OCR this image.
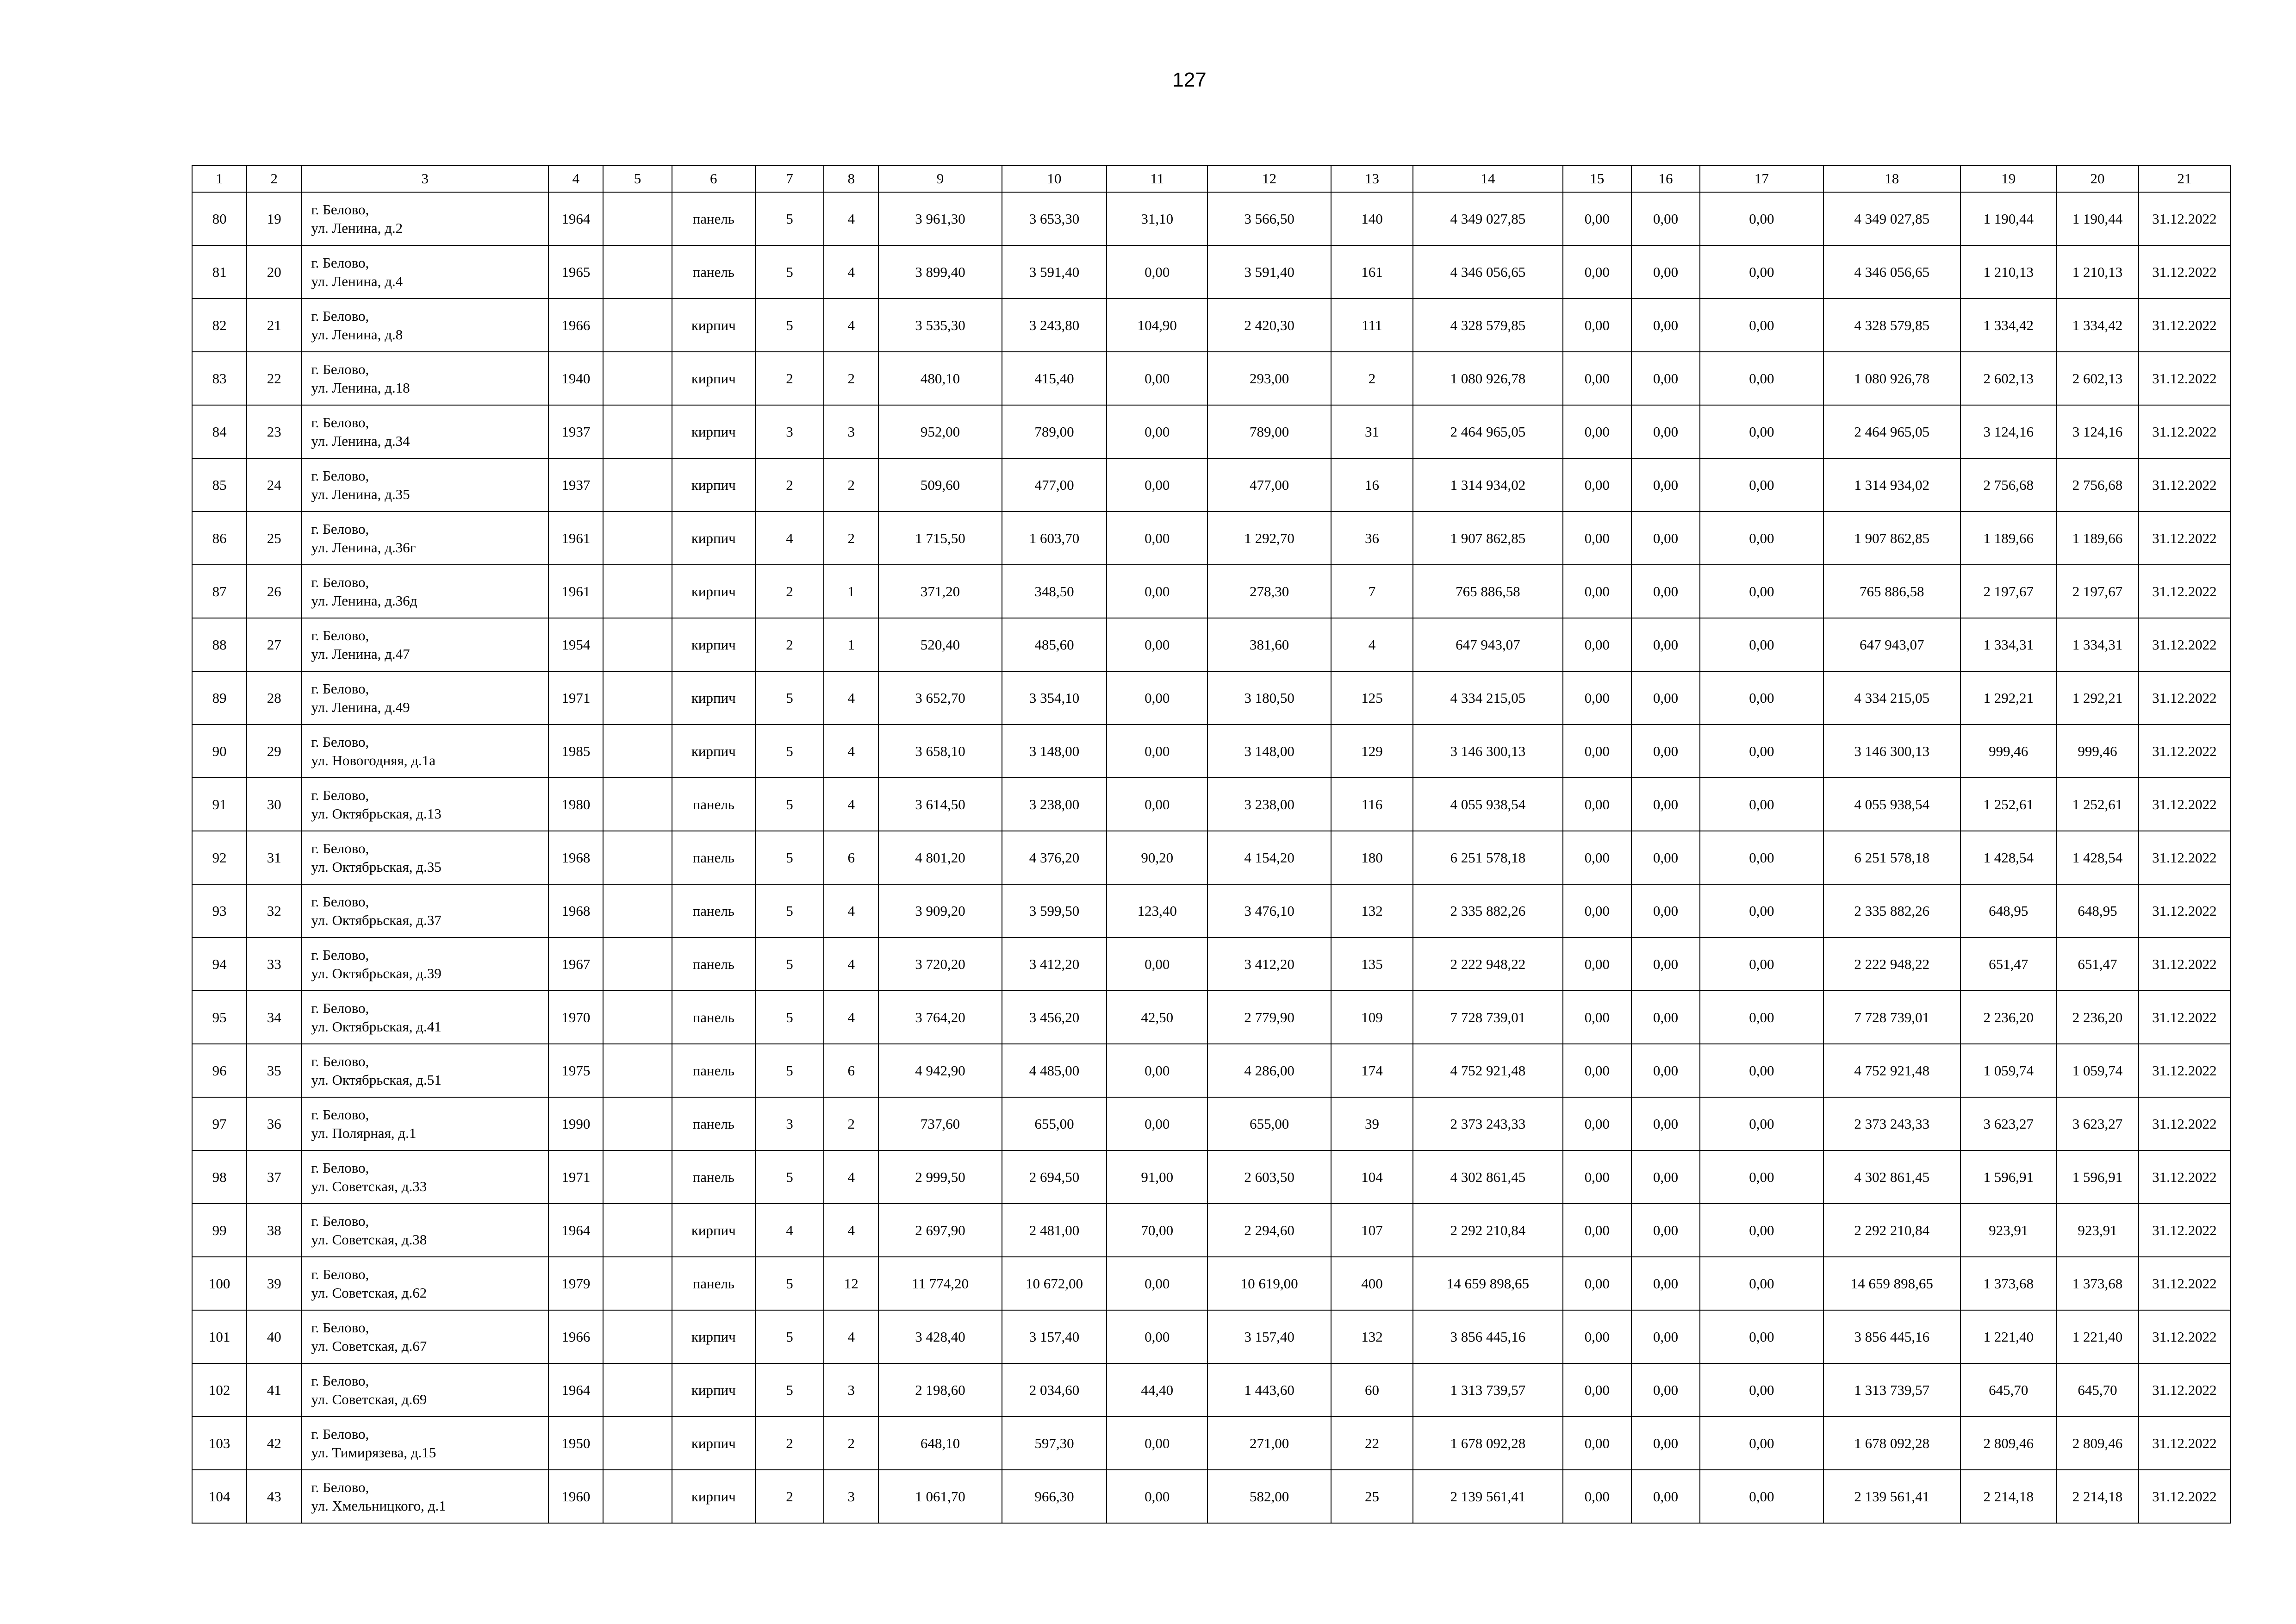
127
1	2	3	4	5	6	7	8	9	10	11	12	13	14	15	16	17	18	19	20	21
80	19	г. Белово,
ул. Ленина, д.2	1964		панель	5	4	3 961,30	3 653,30	31,10	3 566,50	140	4 349 027,85	0,00	0,00	0,00	4 349 027,85	1 190,44	1 190,44	31.12.2022
81	20	г. Белово,
ул. Ленина, д.4	1965		панель	5	4	3 899,40	3 591,40	0,00	3 591,40	161	4 346 056,65	0,00	0,00	0,00	4 346 056,65	1 210,13	1 210,13	31.12.2022
82	21	г. Белово,
ул. Ленина, д.8	1966		кирпич	5	4	3 535,30	3 243,80	104,90	2 420,30	111	4 328 579,85	0,00	0,00	0,00	4 328 579,85	1 334,42	1 334,42	31.12.2022
83	22	г. Белово,
ул. Ленина, д.18	1940		кирпич	2	2	480,10	415,40	0,00	293,00	2	1 080 926,78	0,00	0,00	0,00	1 080 926,78	2 602,13	2 602,13	31.12.2022
84	23	г. Белово,
ул. Ленина, д.34	1937		кирпич	3	3	952,00	789,00	0,00	789,00	31	2 464 965,05	0,00	0,00	0,00	2 464 965,05	3 124,16	3 124,16	31.12.2022
85	24	г. Белово,
ул. Ленина, д.35	1937		кирпич	2	2	509,60	477,00	0,00	477,00	16	1 314 934,02	0,00	0,00	0,00	1 314 934,02	2 756,68	2 756,68	31.12.2022
86	25	г. Белово,
ул. Ленина, д.36г	1961		кирпич	4	2	1 715,50	1 603,70	0,00	1 292,70	36	1 907 862,85	0,00	0,00	0,00	1 907 862,85	1 189,66	1 189,66	31.12.2022
87	26	г. Белово,
ул. Ленина, д.36д	1961		кирпич	2	1	371,20	348,50	0,00	278,30	7	765 886,58	0,00	0,00	0,00	765 886,58	2 197,67	2 197,67	31.12.2022
88	27	г. Белово,
ул. Ленина, д.47	1954		кирпич	2	1	520,40	485,60	0,00	381,60	4	647 943,07	0,00	0,00	0,00	647 943,07	1 334,31	1 334,31	31.12.2022
89	28	г. Белово,
ул. Ленина, д.49	1971		кирпич	5	4	3 652,70	3 354,10	0,00	3 180,50	125	4 334 215,05	0,00	0,00	0,00	4 334 215,05	1 292,21	1 292,21	31.12.2022
90	29	г. Белово,
ул. Новогодняя, д.1а	1985		кирпич	5	4	3 658,10	3 148,00	0,00	3 148,00	129	3 146 300,13	0,00	0,00	0,00	3 146 300,13	999,46	999,46	31.12.2022
91	30	г. Белово,
ул. Октябрьская, д.13	1980		панель	5	4	3 614,50	3 238,00	0,00	3 238,00	116	4 055 938,54	0,00	0,00	0,00	4 055 938,54	1 252,61	1 252,61	31.12.2022
92	31	г. Белово,
ул. Октябрьская, д.35	1968		панель	5	6	4 801,20	4 376,20	90,20	4 154,20	180	6 251 578,18	0,00	0,00	0,00	6 251 578,18	1 428,54	1 428,54	31.12.2022
93	32	г. Белово,
ул. Октябрьская, д.37	1968		панель	5	4	3 909,20	3 599,50	123,40	3 476,10	132	2 335 882,26	0,00	0,00	0,00	2 335 882,26	648,95	648,95	31.12.2022
94	33	г. Белово,
ул. Октябрьская, д.39	1967		панель	5	4	3 720,20	3 412,20	0,00	3 412,20	135	2 222 948,22	0,00	0,00	0,00	2 222 948,22	651,47	651,47	31.12.2022
95	34	г. Белово,
ул. Октябрьская, д.41	1970		панель	5	4	3 764,20	3 456,20	42,50	2 779,90	109	7 728 739,01	0,00	0,00	0,00	7 728 739,01	2 236,20	2 236,20	31.12.2022
96	35	г. Белово,
ул. Октябрьская, д.51	1975		панель	5	6	4 942,90	4 485,00	0,00	4 286,00	174	4 752 921,48	0,00	0,00	0,00	4 752 921,48	1 059,74	1 059,74	31.12.2022
97	36	г. Белово,
ул. Полярная, д.1	1990		панель	3	2	737,60	655,00	0,00	655,00	39	2 373 243,33	0,00	0,00	0,00	2 373 243,33	3 623,27	3 623,27	31.12.2022
98	37	г. Белово,
ул. Советская, д.33	1971		панель	5	4	2 999,50	2 694,50	91,00	2 603,50	104	4 302 861,45	0,00	0,00	0,00	4 302 861,45	1 596,91	1 596,91	31.12.2022
99	38	г. Белово,
ул. Советская, д.38	1964		кирпич	4	4	2 697,90	2 481,00	70,00	2 294,60	107	2 292 210,84	0,00	0,00	0,00	2 292 210,84	923,91	923,91	31.12.2022
100	39	г. Белово,
ул. Советская, д.62	1979		панель	5	12	11 774,20	10 672,00	0,00	10 619,00	400	14 659 898,65	0,00	0,00	0,00	14 659 898,65	1 373,68	1 373,68	31.12.2022
101	40	г. Белово,
ул. Советская, д.67	1966		кирпич	5	4	3 428,40	3 157,40	0,00	3 157,40	132	3 856 445,16	0,00	0,00	0,00	3 856 445,16	1 221,40	1 221,40	31.12.2022
102	41	г. Белово,
ул. Советская, д.69	1964		кирпич	5	3	2 198,60	2 034,60	44,40	1 443,60	60	1 313 739,57	0,00	0,00	0,00	1 313 739,57	645,70	645,70	31.12.2022
103	42	г. Белово,
ул. Тимирязева, д.15	1950		кирпич	2	2	648,10	597,30	0,00	271,00	22	1 678 092,28	0,00	0,00	0,00	1 678 092,28	2 809,46	2 809,46	31.12.2022
104	43	г. Белово,
ул. Хмельницкого, д.1	1960		кирпич	2	3	1 061,70	966,30	0,00	582,00	25	2 139 561,41	0,00	0,00	0,00	2 139 561,41	2 214,18	2 214,18	31.12.2022
